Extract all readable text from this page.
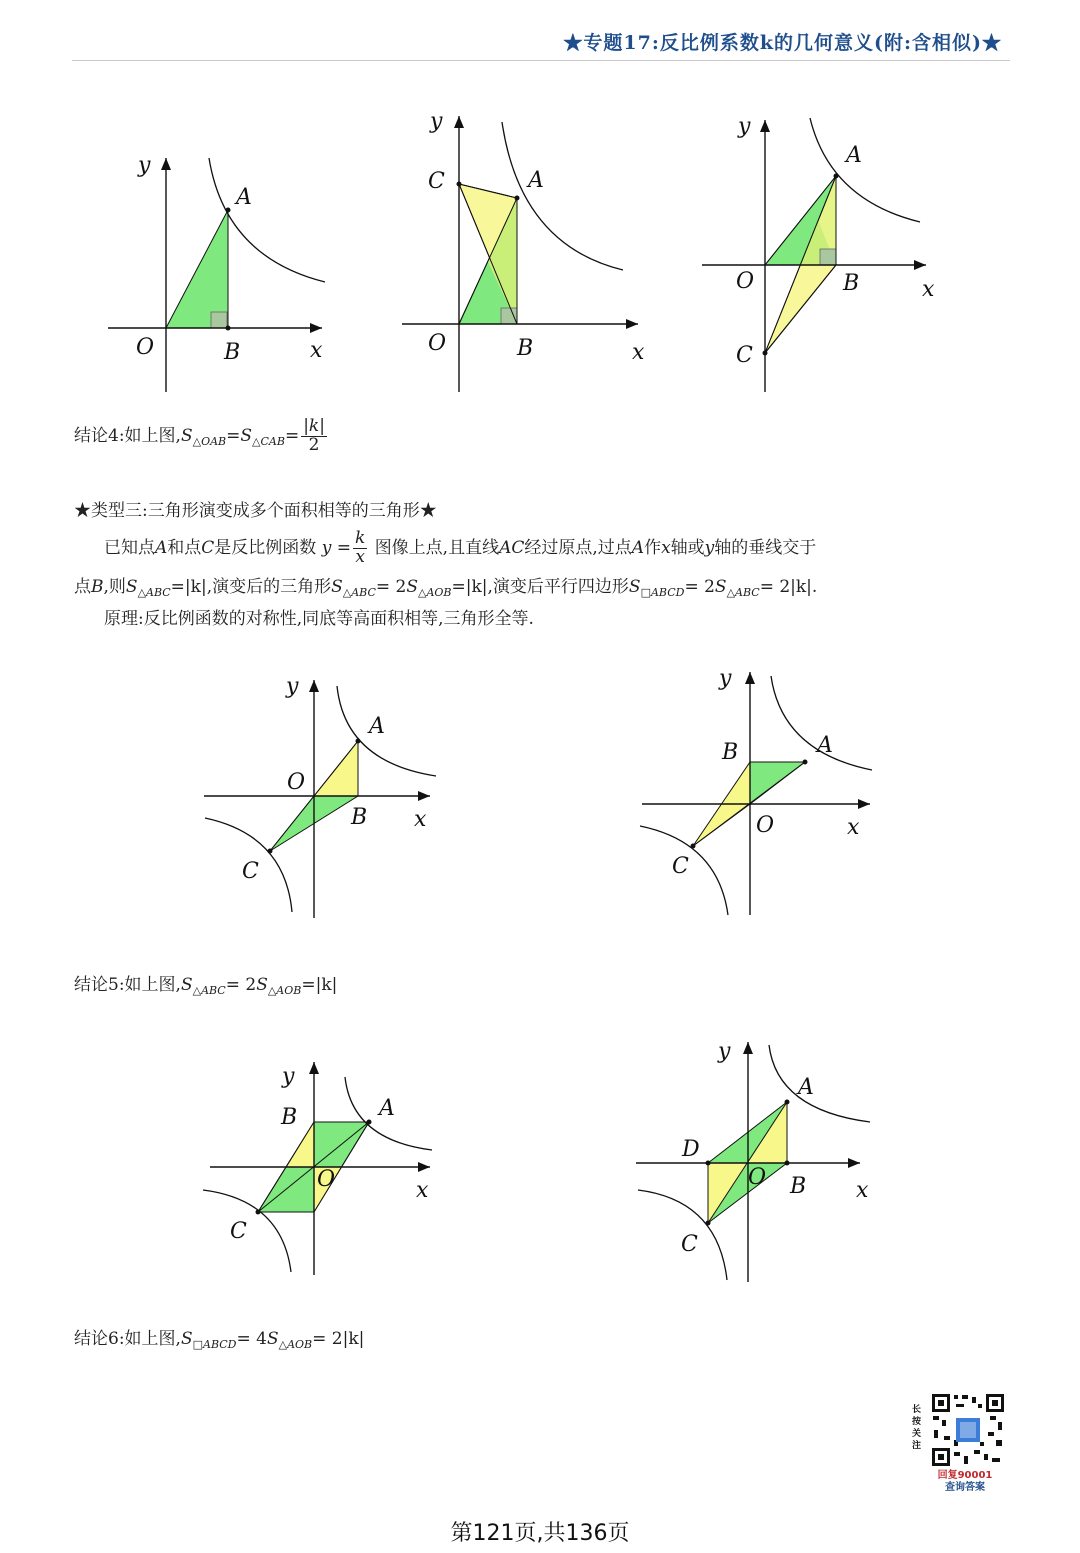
★专题17:反比例系数k的几何意义(附:含相似)★
y
A
O	B	x
y
C	A
O	B	x
y
A
O	B	x
C
结论4:如上图$,S_{\triangle OAB}=S_{\triangle CAB}= \frac{|k|}{2}$
★类型三:三角形演变成多个面积相等的三角形★
已知点A和点C是反比例函数 $y = \frac{k}{x}$ 图像上点,且直线AC经过原点,过点A作x轴或y轴的垂线交于
点B,则$S_{\triangle ABC}=|k|$,演变后的三角形$S_{\triangle ABC}= 2S_{\triangle AOB}=|k|$,演变后平行四边形$S_{□ABCD}= 2S_{\triangle ABC}= 2|k|$.
原理:反比例函数的对称性,同底等高面积相等,三角形全等.
y
A
O
B x
C
y
B	A
O	x
C
结论5:如上图$,S_{\triangle ABC}= 2S_{\triangle AOB}=|k|$
y
B	A
O	x
C
y
A
D
O B x
C
结论6:如上图$,S_{□ABCD}= 4S_{\triangle AOB}= 2|k|$
长按关注
回复90001
查询答案
第121页,共136页
